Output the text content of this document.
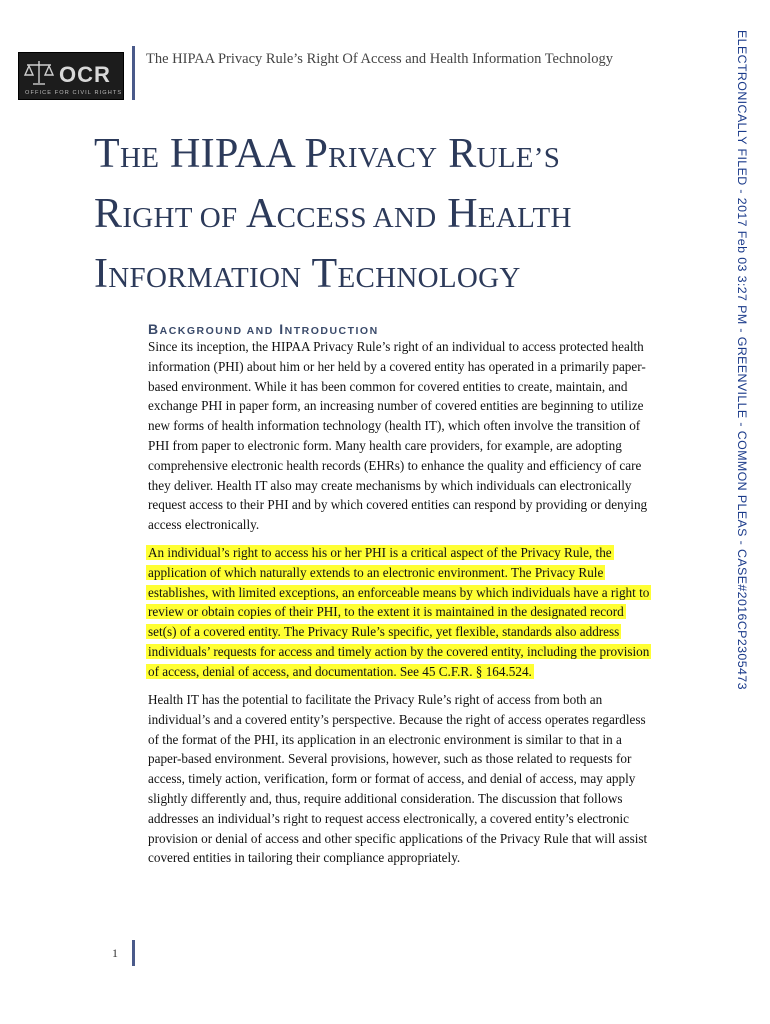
OCR
OFFICE FOR CIVIL RIGHTS
The HIPAA Privacy Rule’s Right Of Access and Health Information Technology
THE HIPAA PRIVACY RULE’S
RIGHT OF ACCESS AND HEALTH
INFORMATION TECHNOLOGY
BACKGROUND AND INTRODUCTION

Since its inception, the HIPAA Privacy Rule’s right of an individual to access protected health
information (PHI) about him or her held by a covered entity has operated in a primarily paper-
based environment. While it has been common for covered entities to create, maintain, and
exchange PHI in paper form, an increasing number of covered entities are beginning to utilize
new forms of health information technology (health IT), which often involve the transition of
PHI from paper to electronic form. Many health care providers, for example, are adopting
comprehensive electronic health records (EHRs) to enhance the quality and efficiency of care
they deliver. Health IT also may create mechanisms by which individuals can electronically
request access to their PHI and by which covered entities can respond by providing or denying
access electronically.

An individual’s right to access his or her PHI is a critical aspect of the Privacy Rule, the
application of which naturally extends to an electronic environment. The Privacy Rule
establishes, with limited exceptions, an enforceable means by which individuals have a right to
review or obtain copies of their PHI, to the extent it is maintained in the designated record
set(s) of a covered entity. The Privacy Rule’s specific, yet flexible, standards also address
individuals’ requests for access and timely action by the covered entity, including the provision
of access, denial of access, and documentation. See 45 C.F.R. § 164.524.

Health IT has the potential to facilitate the Privacy Rule’s right of access from both an
individual’s and a covered entity’s perspective. Because the right of access operates regardless
of the format of the PHI, its application in an electronic environment is similar to that in a
paper-based environment. Several provisions, however, such as those related to requests for
access, timely action, verification, form or format of access, and denial of access, may apply
slightly differently and, thus, require additional consideration. The discussion that follows
addresses an individual’s right to request access electronically, a covered entity’s electronic
provision or denial of access and other specific applications of the Privacy Rule that will assist
covered entities in tailoring their compliance appropriately.

1
ELECTRONICALLY FILED - 2017 Feb 03 3:27 PM - GREENVILLE - COMMON PLEAS - CASE#2016CP2305473
